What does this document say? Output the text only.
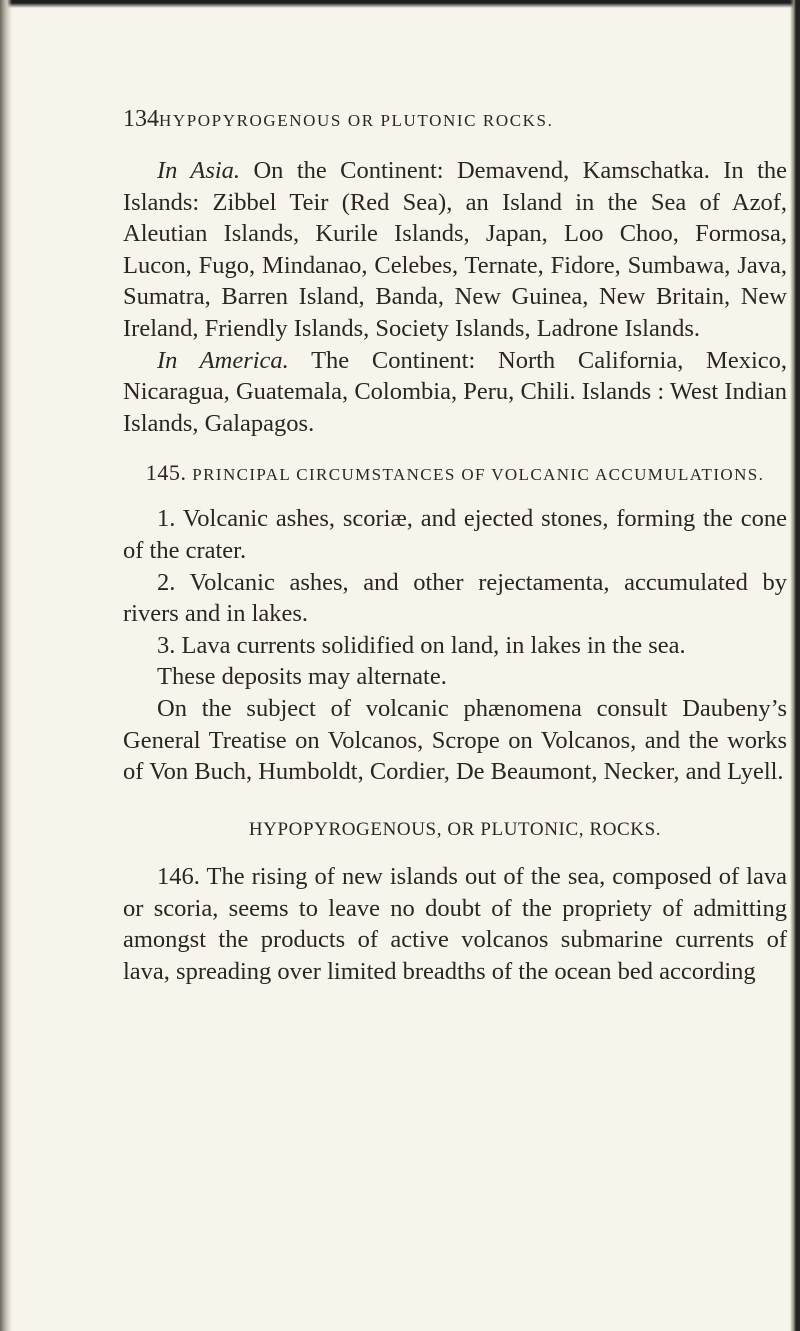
134 HYPOPYROGENOUS OR PLUTONIC ROCKS.

In Asia. On the Continent: Demavend, Kamschatka. In the Islands: Zibbel Teir (Red Sea), an Island in the Sea of Azof, Aleutian Islands, Kurile Islands, Japan, Loo Choo, Formosa, Lucon, Fugo, Mindanao, Celebes, Ternate, Fidore, Sumbawa, Java, Sumatra, Barren Island, Banda, New Guinea, New Britain, New Ireland, Friendly Islands, Society Islands, Ladrone Islands.

In America. The Continent: North California, Mexico, Nicaragua, Guatemala, Colombia, Peru, Chili. Islands : West Indian Islands, Galapagos.

145. PRINCIPAL CIRCUMSTANCES OF VOLCANIC ACCUMULATIONS.

1. Volcanic ashes, scoriæ, and ejected stones, forming the cone of the crater.

2. Volcanic ashes, and other rejectamenta, accumulated by rivers and in lakes.

3. Lava currents solidified on land, in lakes in the sea.

These deposits may alternate.

On the subject of volcanic phænomena consult Daubeny’s General Treatise on Volcanos, Scrope on Volcanos, and the works of Von Buch, Humboldt, Cordier, De Beaumont, Necker, and Lyell.

HYPOPYROGENOUS, OR PLUTONIC, ROCKS.

146. The rising of new islands out of the sea, composed of lava or scoria, seems to leave no doubt of the propriety of admitting amongst the products of active volcanos submarine currents of lava, spreading over limited breadths of the ocean bed according
